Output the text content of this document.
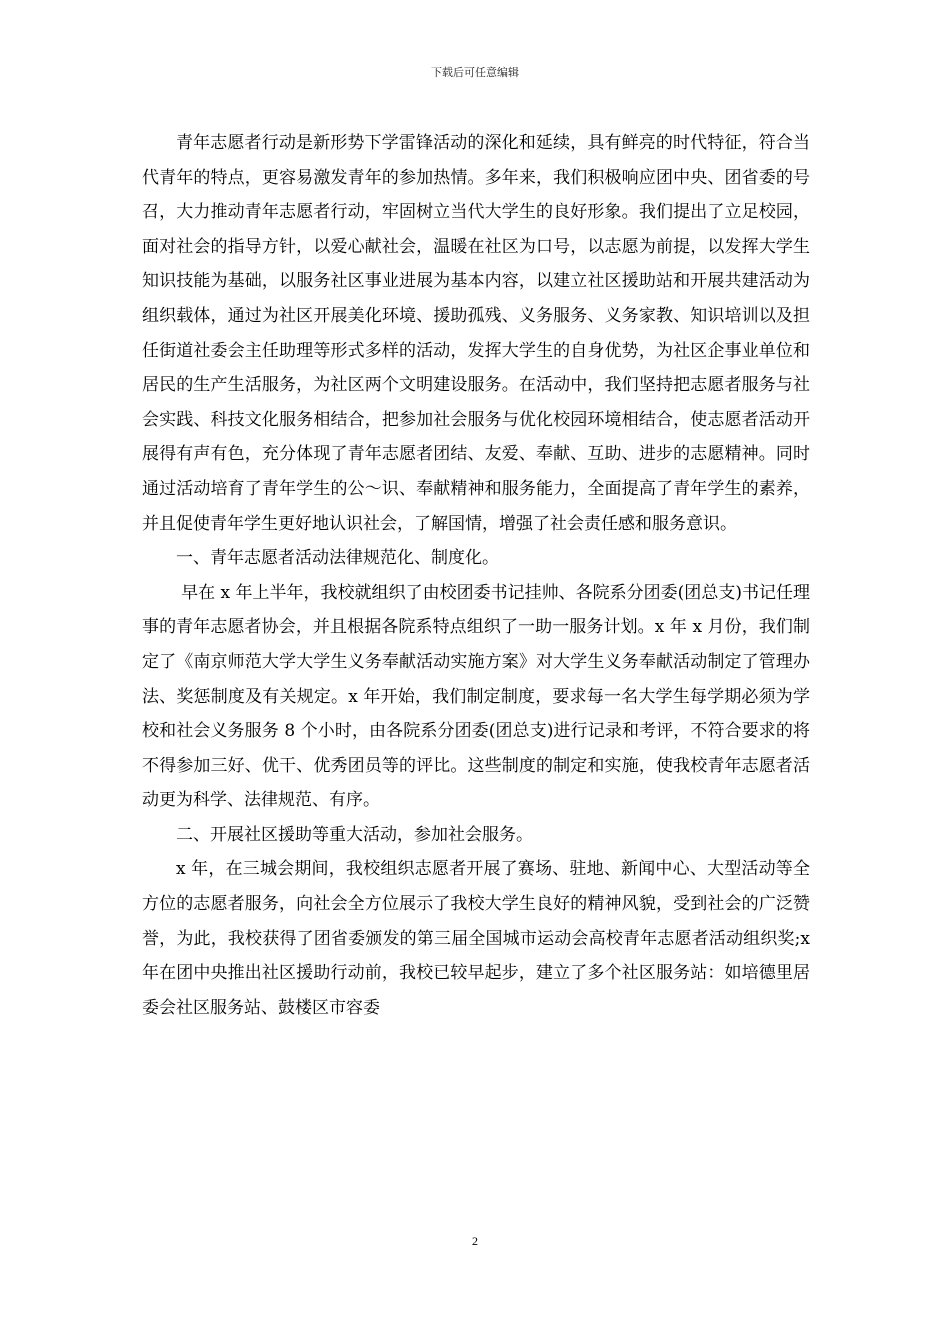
下载后可任意编辑

青年志愿者行动是新形势下学雷锋活动的深化和延续，具有鲜亮的时代特征，符合当代青年的特点，更容易激发青年的参加热情。多年来，我们积极响应团中央、团省委的号召，大力推动青年志愿者行动，牢固树立当代大学生的良好形象。我们提出了立足校园，面对社会的指导方针，以爱心献社会，温暖在社区为口号，以志愿为前提，以发挥大学生知识技能为基础，以服务社区事业进展为基本内容，以建立社区援助站和开展共建活动为组织载体，通过为社区开展美化环境、援助孤残、义务服务、义务家教、知识培训以及担任街道社委会主任助理等形式多样的活动，发挥大学生的自身优势，为社区企事业单位和居民的生产生活服务，为社区两个文明建设服务。在活动中，我们坚持把志愿者服务与社会实践、科技文化服务相结合，把参加社会服务与优化校园环境相结合，使志愿者活动开展得有声有色，充分体现了青年志愿者团结、友爱、奉献、互助、进步的志愿精神。同时通过活动培育了青年学生的公～识、奉献精神和服务能力，全面提高了青年学生的素养，并且促使青年学生更好地认识社会，了解国情，增强了社会责任感和服务意识。

一、青年志愿者活动法律规范化、制度化。

早在 x 年上半年，我校就组织了由校团委书记挂帅、各院系分团委(团总支)书记任理事的青年志愿者协会，并且根据各院系特点组织了一助一服务计划。x 年 x 月份，我们制定了《南京师范大学大学生义务奉献活动实施方案》对大学生义务奉献活动制定了管理办法、奖惩制度及有关规定。x 年开始，我们制定制度，要求每一名大学生每学期必须为学校和社会义务服务 8 个小时，由各院系分团委(团总支)进行记录和考评，不符合要求的将不得参加三好、优干、优秀团员等的评比。这些制度的制定和实施，使我校青年志愿者活动更为科学、法律规范、有序。

二、开展社区援助等重大活动，参加社会服务。

x 年，在三城会期间，我校组织志愿者开展了赛场、驻地、新闻中心、大型活动等全方位的志愿者服务，向社会全方位展示了我校大学生良好的精神风貌，受到社会的广泛赞誉，为此，我校获得了团省委颁发的第三届全国城市运动会高校青年志愿者活动组织奖;x 年在团中央推出社区援助行动前，我校已较早起步，建立了多个社区服务站：如培德里居委会社区服务站、鼓楼区市容委

2
